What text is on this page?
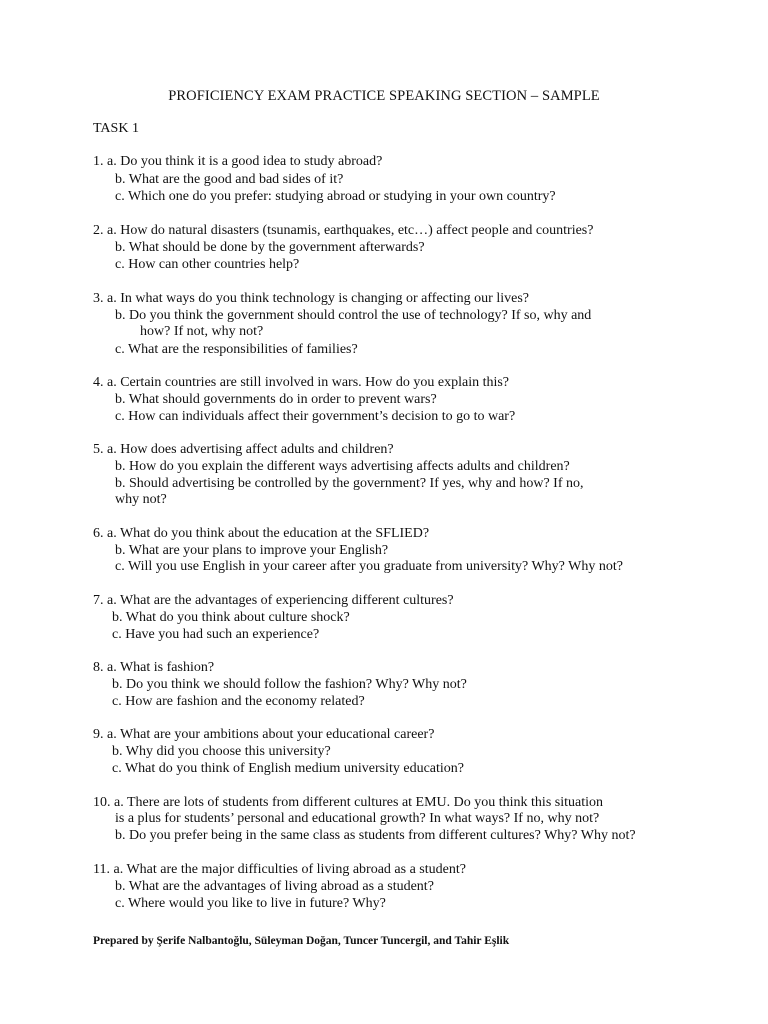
PROFICIENCY EXAM PRACTICE SPEAKING SECTION – SAMPLE
TASK 1
1. a. Do you think it is a good idea to study abroad?
b. What are the good and bad sides of it?
c. Which one do you prefer: studying abroad or studying in your own country?
2. a. How do natural disasters (tsunamis, earthquakes, etc…) affect people and countries?
b. What should be done by the government afterwards?
c. How can other countries help?
3. a. In what ways do you think technology is changing or affecting our lives?
b. Do you think the government should control the use of technology? If so, why and
how? If not, why not?
c. What are the responsibilities of families?
4. a. Certain countries are still involved in wars. How do you explain this?
b. What should governments do in order to prevent wars?
c. How can individuals affect their government’s decision to go to war?
5. a. How does advertising affect adults and children?
b. How do you explain the different ways advertising affects adults and children?
b. Should advertising be controlled by the government? If yes, why and how? If no,
why not?
6. a. What do you think about the education at the SFLIED?
b. What are your plans to improve your English?
c. Will you use English in your career after you graduate from university? Why? Why not?
7. a. What are the advantages of experiencing different cultures?
b. What do you think about culture shock?
c. Have you had such an experience?
8. a. What is fashion?
b. Do you think we should follow the fashion? Why? Why not?
c. How are fashion and the economy related?
9. a. What are your ambitions about your educational career?
b. Why did you choose this university?
c. What do you think of English medium university education?
10. a. There are lots of students from different cultures at EMU. Do you think this situation
is a plus for students’ personal and educational growth? In what ways? If no, why not?
b. Do you prefer being in the same class as students from different cultures? Why? Why not?
11. a. What are the major difficulties of living abroad as a student?
b. What are the advantages of living abroad as a student?
c. Where would you like to live in future? Why?
Prepared by Şerife Nalbantoğlu, Süleyman Doğan, Tuncer Tuncergil, and Tahir Eşlik
